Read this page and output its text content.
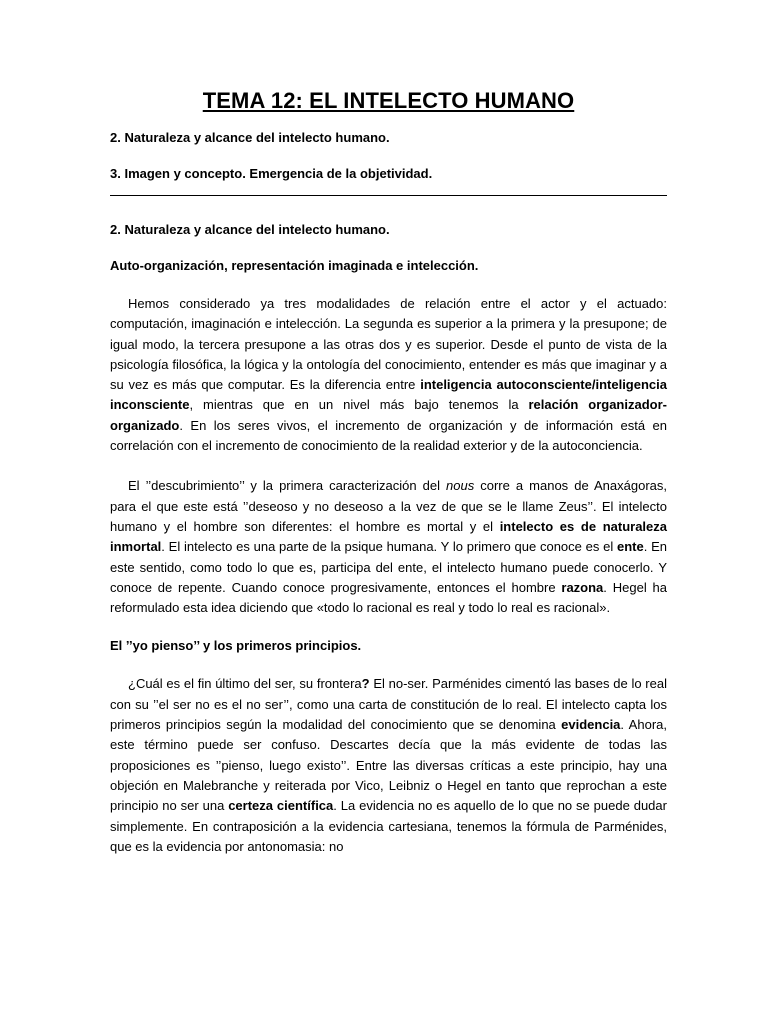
TEMA 12: EL INTELECTO HUMANO

2. Naturaleza y alcance del intelecto humano.

3. Imagen y concepto. Emergencia de la objetividad.

2. Naturaleza y alcance del intelecto humano.

Auto-organización, representación imaginada e intelección.

Hemos considerado ya tres modalidades de relación entre el actor y el actuado: computación, imaginación e intelección. La segunda es superior a la primera y la presupone; de igual modo, la tercera presupone a las otras dos y es superior. Desde el punto de vista de la psicología filosófica, la lógica y la ontología del conocimiento, entender es más que imaginar y a su vez es más que computar. Es la diferencia entre inteligencia autoconsciente/inteligencia inconsciente, mientras que en un nivel más bajo tenemos la relación organizador-organizado. En los seres vivos, el incremento de organización y de información está en correlación con el incremento de conocimiento de la realidad exterior y de la autoconciencia.

El ’’descubrimiento’’ y la primera caracterización del nous corre a manos de Anaxágoras, para el que este está ’’deseoso y no deseoso a la vez de que se le llame Zeus’’. El intelecto humano y el hombre son diferentes: el hombre es mortal y el intelecto es de naturaleza inmortal. El intelecto es una parte de la psique humana. Y lo primero que conoce es el ente. En este sentido, como todo lo que es, participa del ente, el intelecto humano puede conocerlo. Y conoce de repente. Cuando conoce progresivamente, entonces el hombre razona. Hegel ha reformulado esta idea diciendo que «todo lo racional es real y todo lo real es racional».

El ’’yo pienso’’ y los primeros principios.

¿Cuál es el fin último del ser, su frontera? El no-ser. Parménides cimentó las bases de lo real con su ’’el ser no es el no ser’’, como una carta de constitución de lo real. El intelecto capta los primeros principios según la modalidad del conocimiento que se denomina evidencia. Ahora, este término puede ser confuso. Descartes decía que la más evidente de todas las proposiciones es ’’pienso, luego existo’’. Entre las diversas críticas a este principio, hay una objeción en Malebranche y reiterada por Vico, Leibniz o Hegel en tanto que reprochan a este principio no ser una certeza científica. La evidencia no es aquello de lo que no se puede dudar simplemente. En contraposición a la evidencia cartesiana, tenemos la fórmula de Parménides, que es la evidencia por antonomasia: no
